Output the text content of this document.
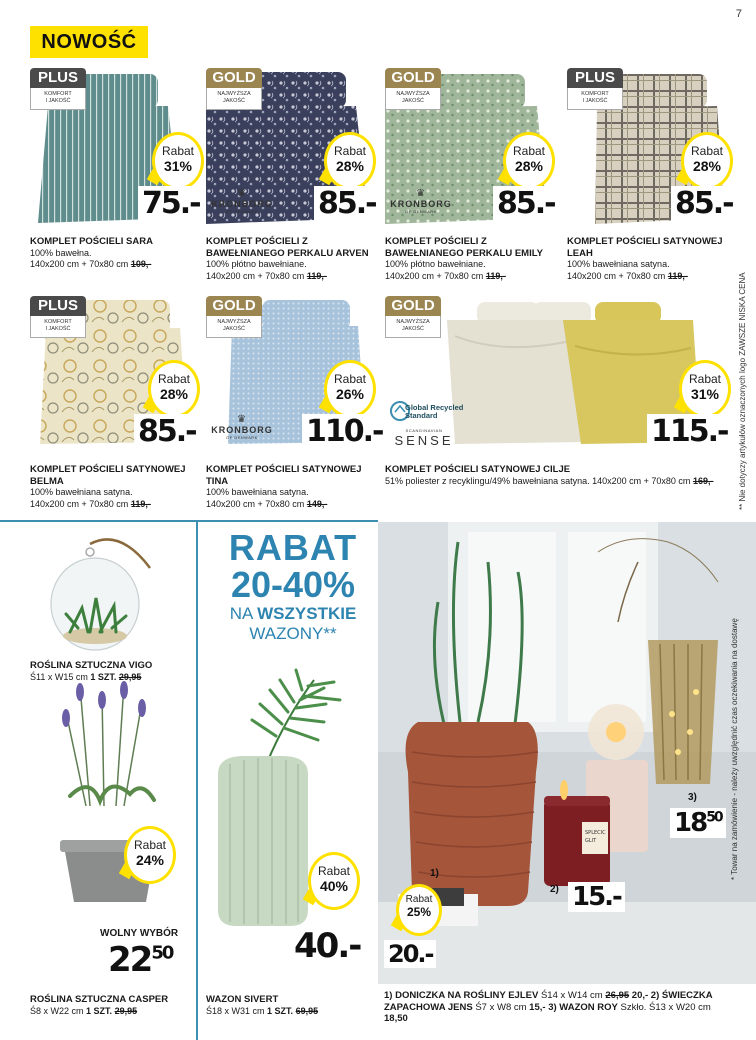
7
NOWOŚĆ
PLUS
KOMFORT
I JAKOŚĆ
Rabat
31%
75.-
KOMPLET POŚCIELI SARA
100% bawełna.
140x200 cm + 70x80 cm 109,-
GOLD
NAJWYŻSZA
JAKOŚĆ
Rabat
28%
♛
KRONBORG
OF DENMARK	85.-
KOMPLET POŚCIELI Z BAWEŁNIANEGO PERKALU ARVEN
100% płótno bawełniane.
140x200 cm + 70x80 cm 119,-
GOLD
NAJWYŻSZA
JAKOŚĆ
Rabat
28%
♛
KRONBORG
OF DENMARK	85.-
KOMPLET POŚCIELI Z BAWEŁNIANEGO PERKALU EMILY
100% płótno bawełniane.
140x200 cm + 70x80 cm 119,-
PLUS
KOMFORT
I JAKOŚĆ
Rabat
28%
85.-
KOMPLET POŚCIELI SATYNOWEJ LEAH
100% bawełniana satyna.
140x200 cm + 70x80 cm 119,-
PLUS
KOMFORT
I JAKOŚĆ
Rabat
28%
85.-
KOMPLET POŚCIELI SATYNOWEJ BELMA
100% bawełniana satyna.
140x200 cm + 70x80 cm 119,-
GOLD
NAJWYŻSZA
JAKOŚĆ
Rabat
26%
♛
KRONBORG
OF DENMARK	110.-
KOMPLET POŚCIELI SATYNOWEJ TINA
100% bawełniana satyna.
140x200 cm + 70x80 cm 149,-
GOLD
NAJWYŻSZA
JAKOŚĆ
Rabat
31%
Global Recycled
Standard
SCANDINAVIAN
SENSE	115.-
KOMPLET POŚCIELI SATYNOWEJ CILJE
51% poliester z recyklingu/49% bawełniana satyna. 140x200 cm + 70x80 cm 169,-	** Nie dotyczy artykułów oznaczonych logo ZAWSZE NISKA CENA
ROŚLINA SZTUCZNA VIGO
Ś11 x W15 cm 1 SZT. 29,95
Rabat
24%
WOLNY WYBÓR
$22^{50}$
ROŚLINA SZTUCZNA CASPER
Ś8 x W22 cm 1 SZT. 29,95
RABAT
20-40%
NA WSZYSTKIE
WAZONY**
Rabat
40%
40.-
WAZON SIVERT
Ś18 x W31 cm 1 SZT. 69,95
SPLECIC
GLIT
1)
2)
3)
Rabat
25%
20.-
15.-
$18^{50}$
1) DONICZKA NA ROŚLINY EJLEV Ś14 x W14 cm 26,95 20,- 2) ŚWIECZKA
ZAPACHOWA JENS Ś7 x W8 cm 15,- 3) WAZON ROY Szkło. Ś13 x W20 cm 18,50
* Towar na zamówienie - należy uwzględnić czas oczekiwania na dostawę
